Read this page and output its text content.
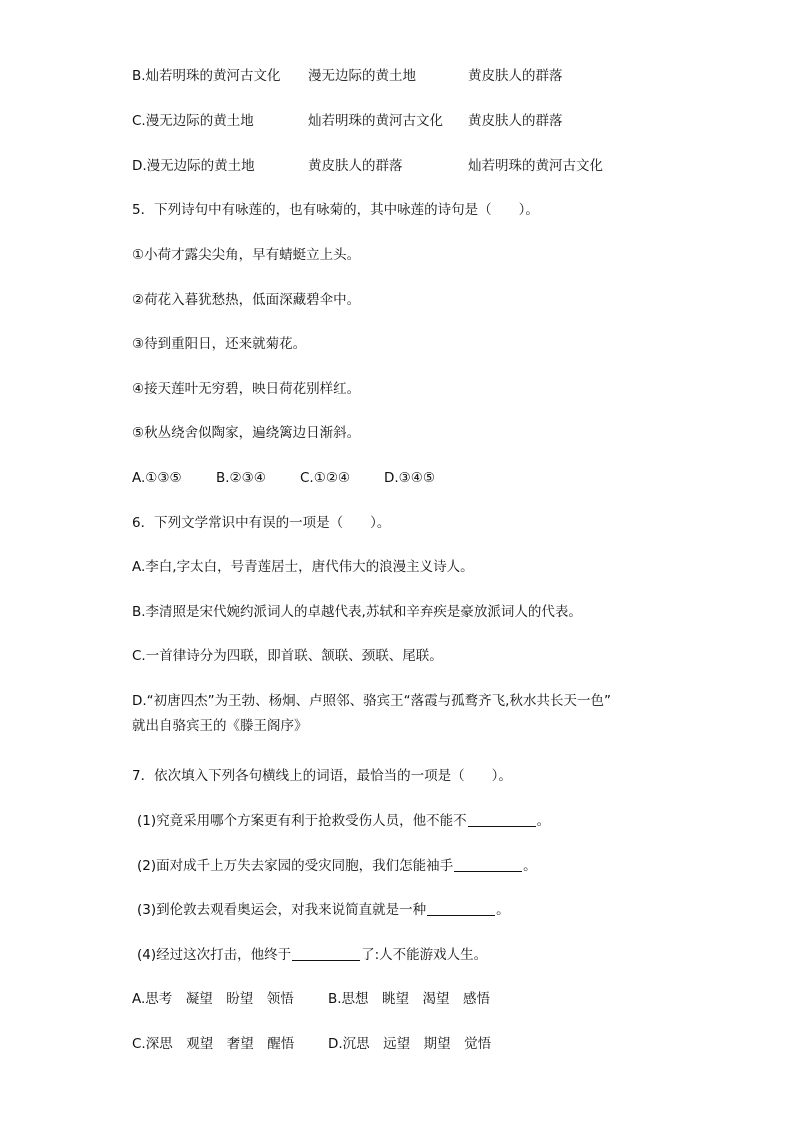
B.灿若明珠的黄河古文化 漫无边际的黄土地	黄皮肤人的群落
C.漫无边际的黄土地	灿若明珠的黄河古文化 黄皮肤人的群落
D.漫无边际的黄土地	黄皮肤人的群落	灿若明珠的黄河古文化
5．下列诗句中有咏莲的，也有咏菊的，其中咏莲的诗句是（　　）。
①小荷才露尖尖角，早有蜻蜓立上头。
②荷花入暮犹愁热，低面深藏碧伞中。
③待到重阳日，还来就菊花。
④接天莲叶无穷碧，映日荷花别样红。
⑤秋丛绕舍似陶家，遍绕篱边日渐斜。
A.①③⑤	B.②③④	C.①②④	D.③④⑤
6．下列文学常识中有误的一项是（　　）。
A.李白,字太白，号青莲居士，唐代伟大的浪漫主义诗人。
B.李清照是宋代婉约派词人的卓越代表,苏轼和辛弃疾是豪放派词人的代表。
C.一首律诗分为四联，即首联、颔联、颈联、尾联。
D.“初唐四杰”为王勃、杨炯、卢照邻、骆宾王“落霞与孤鹜齐飞,秋水共长天一色”
就出自骆宾王的《滕王阁序》
7．依次填入下列各句横线上的词语，最恰当的一项是（　　）。
(1)究竟采用哪个方案更有利于抢救受伤人员，他不能不	。
(2)面对成千上万失去家园的受灾同胞，我们怎能袖手	。
(3)到伦敦去观看奥运会，对我来说简直就是一种	。
(4)经过这次打击，他终于	了:人不能游戏人生。
A.思考　凝望　盼望　领悟	B.思想　眺望　渴望　感悟
C.深思　观望　奢望　醒悟	D.沉思　远望　期望　觉悟
